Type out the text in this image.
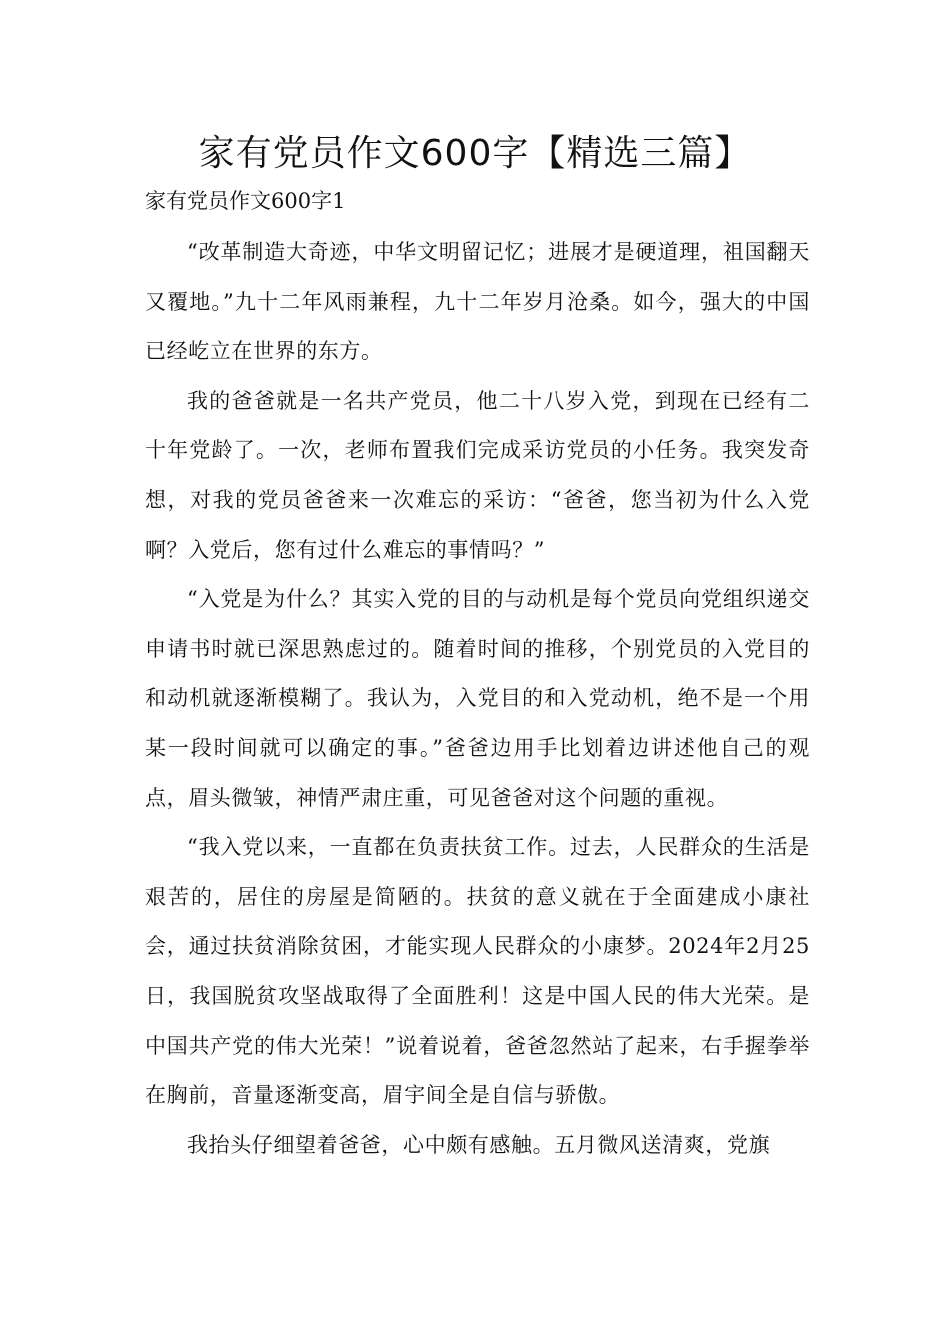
家有党员作文600字【精选三篇】

家有党员作文600字1

“改革制造大奇迹，中华文明留记忆；进展才是硬道理，祖国翻天又覆地。”九十二年风雨兼程，九十二年岁月沧桑。如今，强大的中国已经屹立在世界的东方。

我的爸爸就是一名共产党员，他二十八岁入党，到现在已经有二十年党龄了。一次，老师布置我们完成采访党员的小任务。我突发奇想，对我的党员爸爸来一次难忘的采访：“爸爸，您当初为什么入党啊？入党后，您有过什么难忘的事情吗？”

“入党是为什么？其实入党的目的与动机是每个党员向党组织递交申请书时就已深思熟虑过的。随着时间的推移，个别党员的入党目的和动机就逐渐模糊了。我认为，入党目的和入党动机，绝不是一个用某一段时间就可以确定的事。”爸爸边用手比划着边讲述他自己的观点，眉头微皱，神情严肃庄重，可见爸爸对这个问题的重视。

“我入党以来，一直都在负责扶贫工作。过去，人民群众的生活是艰苦的，居住的房屋是简陋的。扶贫的意义就在于全面建成小康社会，通过扶贫消除贫困，才能实现人民群众的小康梦。2024年2月25日，我国脱贫攻坚战取得了全面胜利！这是中国人民的伟大光荣。是中国共产党的伟大光荣！”说着说着，爸爸忽然站了起来，右手握拳举在胸前，音量逐渐变高，眉宇间全是自信与骄傲。

我抬头仔细望着爸爸，心中颇有感触。五月微风送清爽，党旗
